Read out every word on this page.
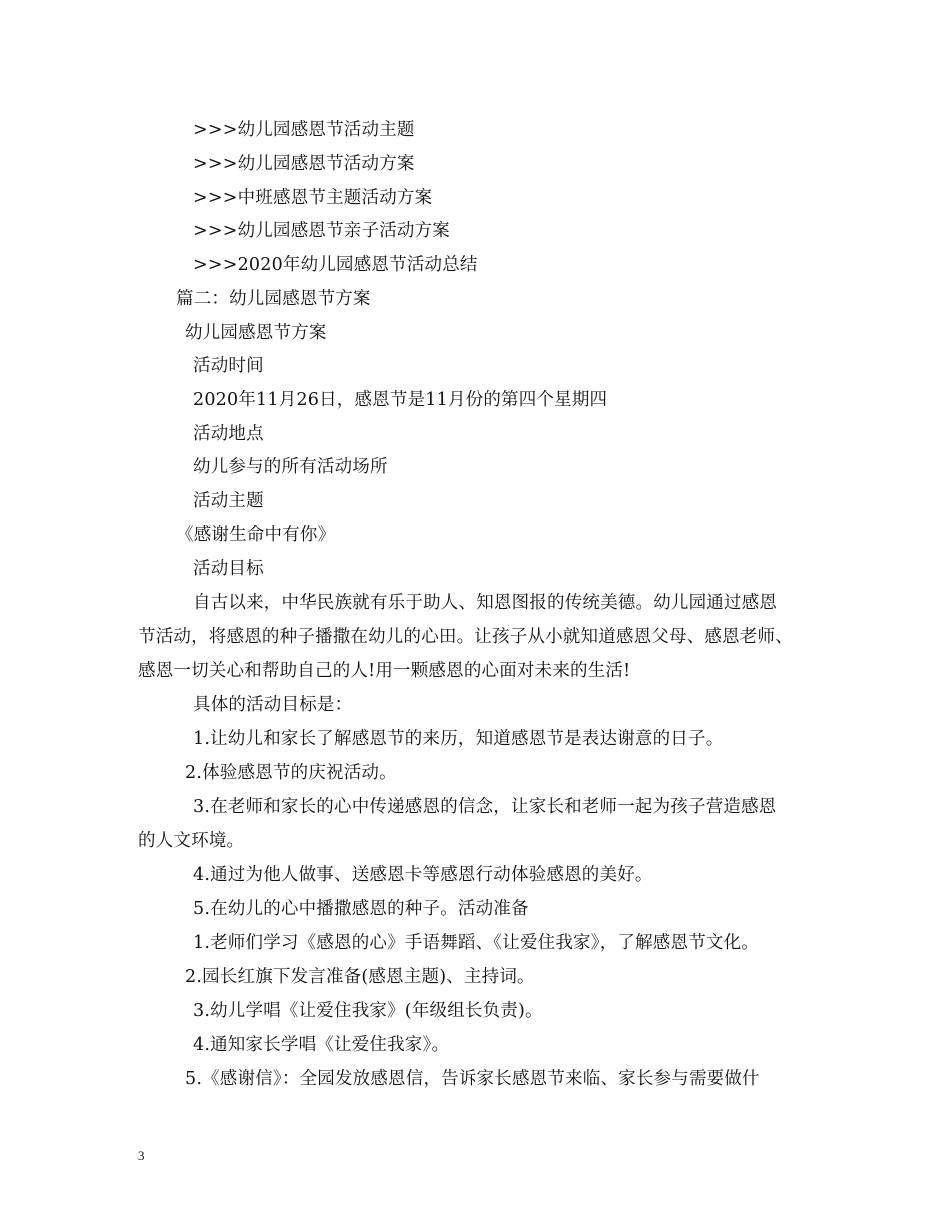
>>>幼儿园感恩节活动主题
>>>幼儿园感恩节活动方案
>>>中班感恩节主题活动方案
>>>幼儿园感恩节亲子活动方案
>>>2020年幼儿园感恩节活动总结
篇二：幼儿园感恩节方案
幼儿园感恩节方案
活动时间
2020年11月26日，感恩节是11月份的第四个星期四
活动地点
幼儿参与的所有活动场所
活动主题
《感谢生命中有你》
活动目标
自古以来，中华民族就有乐于助人、知恩图报的传统美德。幼儿园通过感恩
节活动，将感恩的种子播撒在幼儿的心田。让孩子从小就知道感恩父母、感恩老师、
感恩一切关心和帮助自己的人!用一颗感恩的心面对未来的生活!
具体的活动目标是：
1.让幼儿和家长了解感恩节的来历，知道感恩节是表达谢意的日子。
2.体验感恩节的庆祝活动。
3.在老师和家长的心中传递感恩的信念，让家长和老师一起为孩子营造感恩
的人文环境。
4.通过为他人做事、送感恩卡等感恩行动体验感恩的美好。
5.在幼儿的心中播撒感恩的种子。活动准备
1.老师们学习《感恩的心》手语舞蹈、《让爱住我家》，了解感恩节文化。
2.园长红旗下发言准备(感恩主题)、主持词。
3.幼儿学唱《让爱住我家》(年级组长负责)。
4.通知家长学唱《让爱住我家》。
5.《感谢信》：全园发放感恩信，告诉家长感恩节来临、家长参与需要做什
3
